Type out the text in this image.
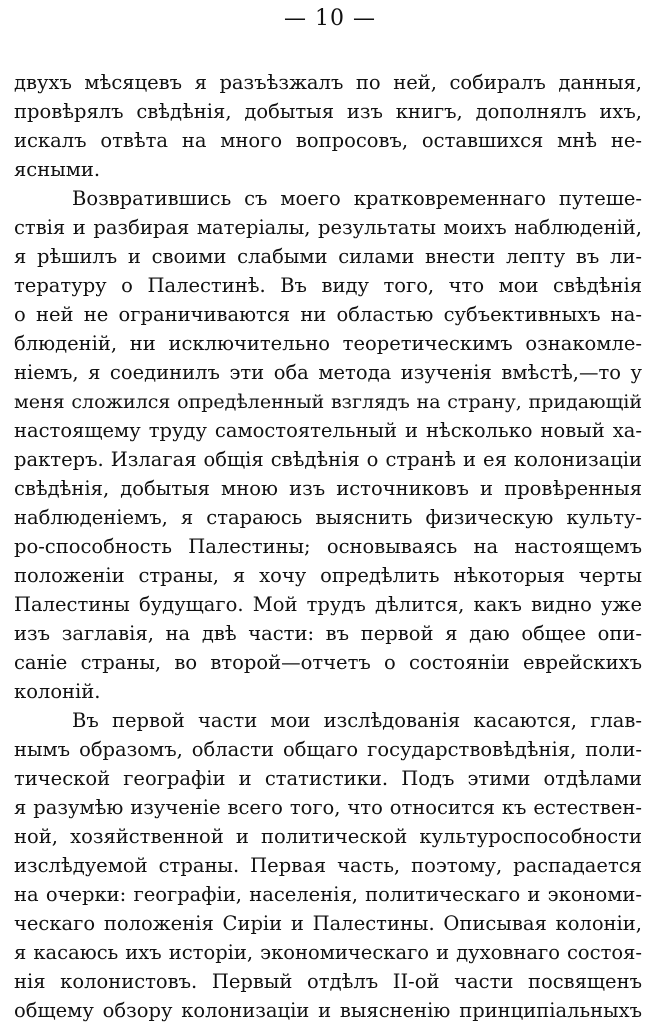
— 10 —
двухъ мѣсяцевъ я разъѣзжалъ по ней, собиралъ данныя,
провѣрялъ свѣдѣнія, добытыя изъ книгъ, дополнялъ ихъ,
искалъ отвѣта на много вопросовъ, оставшихся мнѣ не-
ясными.
Возвратившись съ моего кратковременнаго путеше-
ствія и разбирая матеріалы, результаты моихъ наблюденій,
я рѣшилъ и своими слабыми силами внести лепту въ ли-
тературу о Палестинѣ. Въ виду того, что мои свѣдѣнія
о ней не ограничиваются ни областью субъективныхъ на-
блюденій, ни исключительно теоретическимъ ознакомле-
ніемъ, я соединилъ эти оба метода изученія вмѣстѣ,—то у
меня сложился опредѣленный взглядъ на страну, придающій
настоящему труду самостоятельный и нѣсколько новый ха-
рактеръ. Излагая общія свѣдѣнія о странѣ и ея колонизаціи
свѣдѣнія, добытыя мною изъ источниковъ и провѣренныя
наблюденіемъ, я стараюсь выяснить физическую культу-
ро-способность Палестины; основываясь на настоящемъ
положеніи страны, я хочу опредѣлить нѣкоторыя черты
Палестины будущаго. Мой трудъ дѣлится, какъ видно уже
изъ заглавія, на двѣ части: въ первой я даю общее опи-
саніе страны, во второй—отчетъ о состояніи еврейскихъ
колоній.
Въ первой части мои изслѣдованія касаются, глав-
нымъ образомъ, области общаго государствовѣдѣнія, поли-
тической географіи и статистики. Подъ этими отдѣлами
я разумѣю изученіе всего того, что относится къ естествен-
ной, хозяйственной и политической культуроспособности
изслѣдуемой страны. Первая часть, поэтому, распадается
на очерки: географіи, населенія, политическаго и экономи-
ческаго положенія Сиріи и Палестины. Описывая колоніи,
я касаюсь ихъ исторіи, экономическаго и духовнаго состоя-
нія колонистовъ. Первый отдѣлъ II-ой части посвященъ
общему обзору колонизаціи и выясненію принципіальныхъ
